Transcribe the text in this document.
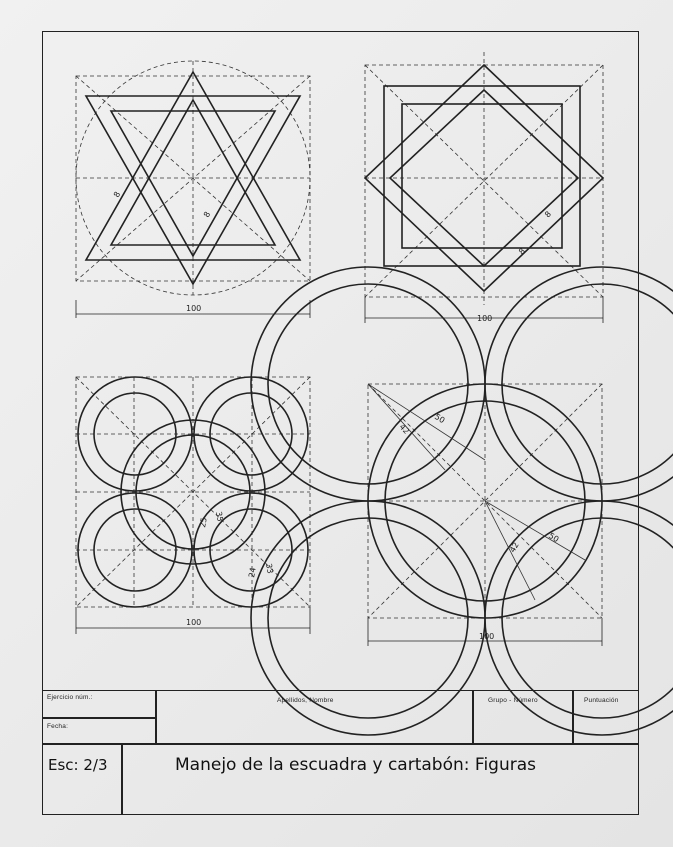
100
8
8
100
8
8
100
25
35
24 33
42
50
42
50
100
Ejercicio núm.:
Fecha:
Apellidos, Nombre	Grupo - Número	Puntuación
Esc: 2/3	Manejo de la escuadra y cartabón: Figuras
